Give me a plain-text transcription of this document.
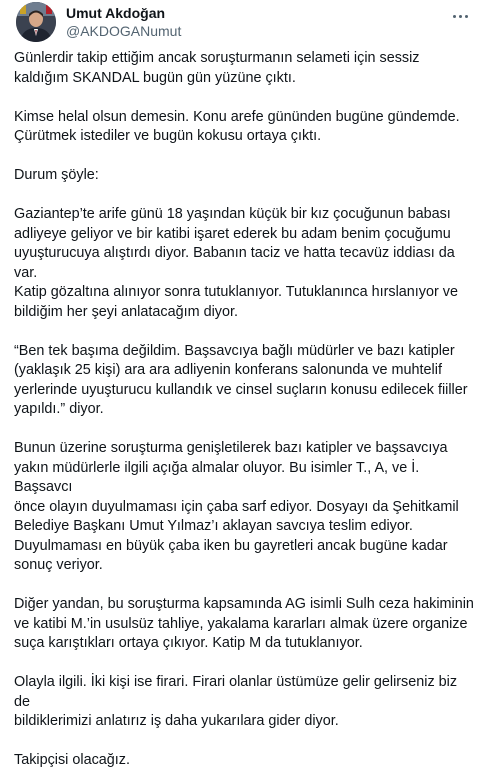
Umut Akdoğan
@AKDOGANumut

Günlerdir takip ettiğim ancak soruşturmanın selameti için sessiz
kaldığım SKANDAL bugün gün yüzüne çıktı.

Kimse helal olsun demesin. Konu arefe gününden bugüne gündemde.
Çürütmek istediler ve bugün kokusu ortaya çıktı.

Durum şöyle:

Gaziantep’te arife günü 18 yaşından küçük bir kız çocuğunun babası
adliyeye geliyor ve bir katibi işaret ederek bu adam benim çocuğumu
uyuşturucuya alıştırdı diyor. Babanın taciz ve hatta tecavüz iddiası da var.
Katip gözaltına alınıyor sonra tutuklanıyor. Tutuklanınca hırslanıyor ve
bildiğim her şeyi anlatacağım diyor.

“Ben tek başıma değildim. Başsavcıya bağlı müdürler ve bazı katipler
(yaklaşık 25 kişi) ara ara adliyenin konferans salonunda ve muhtelif
yerlerinde uyuşturucu kullandık ve cinsel suçların konusu edilecek fiiller
yapıldı.” diyor.

Bunun üzerine soruşturma genişletilerek bazı katipler ve başsavcıya
yakın müdürlerle ilgili açığa almalar oluyor. Bu isimler T., A, ve İ. Başsavcı
önce olayın duyulmaması için çaba sarf ediyor. Dosyayı da Şehitkamil
Belediye Başkanı Umut Yılmaz’ı aklayan savcıya teslim ediyor.
Duyulmaması en büyük çaba iken bu gayretleri ancak bugüne kadar
sonuç veriyor.

Diğer yandan, bu soruşturma kapsamında AG isimli Sulh ceza hakiminin
ve katibi M.’in usulsüz tahliye, yakalama kararları almak üzere organize
suça karıştıkları ortaya çıkıyor. Katip M da tutuklanıyor.

Olayla ilgili. İki kişi ise firari. Firari olanlar üstümüze gelir gelirseniz biz de
bildiklerimizi anlatırız iş daha yukarılara gider diyor.

Takipçisi olacağız.
